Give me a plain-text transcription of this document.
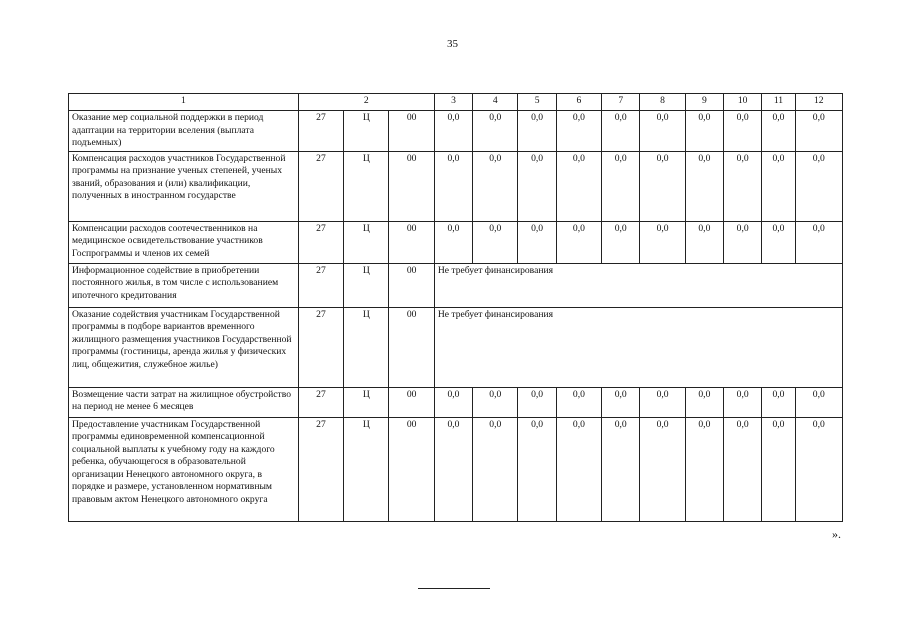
35
1	2			3	4	5	6	7	8	9	10	11	12
Оказание мер социальной поддержки в период адаптации на территории вселения (выплата подъемных)	27	Ц	00	0,0	0,0	0,0	0,0	0,0	0,0	0,0	0,0	0,0	0,0
Компенсация расходов участников Государственной программы на признание ученых степеней, ученых званий, образования и (или) квалификации, полученных в иностранном государстве	27	Ц	00	0,0	0,0	0,0	0,0	0,0	0,0	0,0	0,0	0,0	0,0
Компенсации расходов соотечественников на медицинское освидетельствование участников Госпрограммы и членов их семей	27	Ц	00	0,0	0,0	0,0	0,0	0,0	0,0	0,0	0,0	0,0	0,0
Информационное содействие в приобретении постоянного жилья, в том числе с использованием ипотечного кредитования	27	Ц	00	Не требует финансирования									
Оказание содействия участникам Государственной программы в подборе вариантов временного жилищного размещения участников Государственной программы (гостиницы, аренда жилья у физических лиц, общежития, служебное жилье)	27	Ц	00	Не требует финансирования									
Возмещение части затрат на жилищное обустройство на период не менее 6 месяцев	27	Ц	00	0,0	0,0	0,0	0,0	0,0	0,0	0,0	0,0	0,0	0,0
Предоставление участникам Государственной программы единовременной компенсационной социальной выплаты к учебному году на каждого ребенка, обучающегося в образовательной организации Ненецкого автономного округа, в порядке и размере, установленном нормативным правовым актом Ненецкого автономного округа	27	Ц	00	0,0	0,0	0,0	0,0	0,0	0,0	0,0	0,0	0,0	0,0
».
